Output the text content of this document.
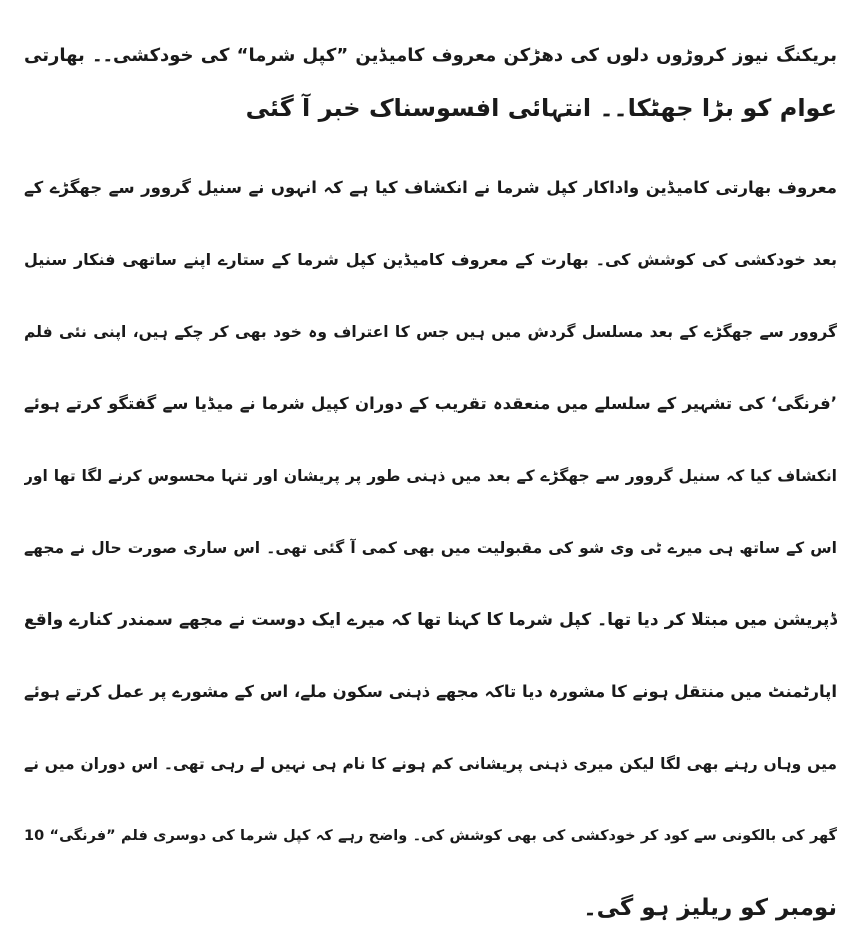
بریکنگ نیوز کروڑوں دلوں کی دھڑکن معروف کامیڈین ”کپل شرما“ کی خودکشی۔۔ بھارتی
عوام کو بڑا جھٹکا۔۔ انتہائی افسوسناک خبر آ گئی
معروف بھارتی کامیڈین واداکار کپل شرما نے انکشاف کیا ہے کہ انہوں نے سنیل گروور سے جھگڑے کے
بعد خودکشی کی کوشش کی۔ بھارت کے معروف کامیڈین کپل شرما کے ستارے اپنے ساتھی فنکار سنیل
گروور سے جھگڑے کے بعد مسلسل گردش میں ہیں جس کا اعتراف وہ خود بھی کر چکے ہیں، اپنی نئی فلم
’فرنگی‘ کی تشہیر کے سلسلے میں منعقدہ تقریب کے دوران کپیل شرما نے میڈیا سے گفتگو کرتے ہوئے
انکشاف کیا کہ سنیل گروور سے جھگڑے کے بعد میں ذہنی طور پر پریشان اور تنہا محسوس کرنے لگا تھا اور
اس کے ساتھ ہی میرے ٹی وی شو کی مقبولیت میں بھی کمی آ گئی تھی۔ اس ساری صورت حال نے مجھے
ڈپریشن میں مبتلا کر دیا تھا۔ کپل شرما کا کہنا تھا کہ میرے ایک دوست نے مجھے سمندر کنارے واقع
اپارٹمنٹ میں منتقل ہونے کا مشورہ دیا تاکہ مجھے ذہنی سکون ملے، اس کے مشورے پر عمل کرتے ہوئے
میں وہاں رہنے بھی لگا لیکن میری ذہنی پریشانی کم ہونے کا نام ہی نہیں لے رہی تھی۔ اس دوران میں نے
گھر کی بالکونی سے کود کر خودکشی کی بھی کوشش کی۔ واضح رہے کہ کپل شرما کی دوسری فلم ”فرنگی“ 10
نومبر کو ریلیز ہو گی۔
